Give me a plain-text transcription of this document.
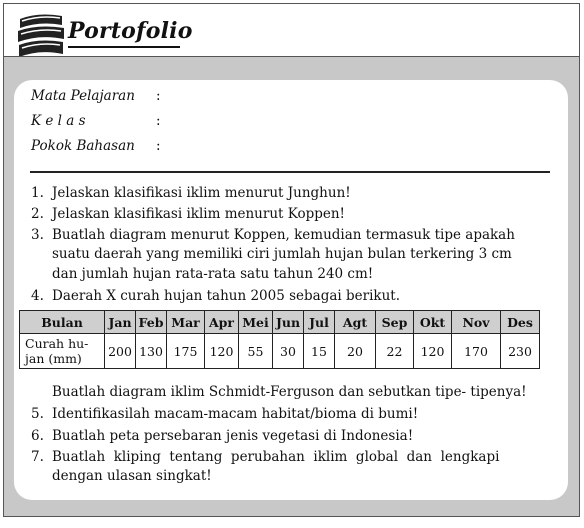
Portofolio
Mata Pelajaran :
K e l a s	:
Pokok Bahasan :
1. Jelaskan klasifikasi iklim menurut Junghun!
2. Jelaskan klasifikasi iklim menurut Koppen!
3. Buatlah diagram menurut Koppen, kemudian termasuk tipe apakah
suatu daerah yang memiliki ciri jumlah hujan bulan terkering 3 cm
dan jumlah hujan rata-rata satu tahun 240 cm!
4. Daerah X curah hujan tahun 2005 sebagai berikut.
Bulan	Jan	Feb	Mar	Apr	Mei	Jun	Jul	Agt	Sep	Okt	Nov	Des
Curah hu-
jan (mm)	200	130	175	120	55	30	15	20	22	120	170	230
Buatlah diagram iklim Schmidt-Ferguson dan sebutkan tipe- tipenya!
5. Identifikasilah macam-macam habitat/bioma di bumi!
6. Buatlah peta persebaran jenis vegetasi di Indonesia!
7. Buatlah  kliping  tentang  perubahan  iklim  global  dan  lengkapi
dengan ulasan singkat!
